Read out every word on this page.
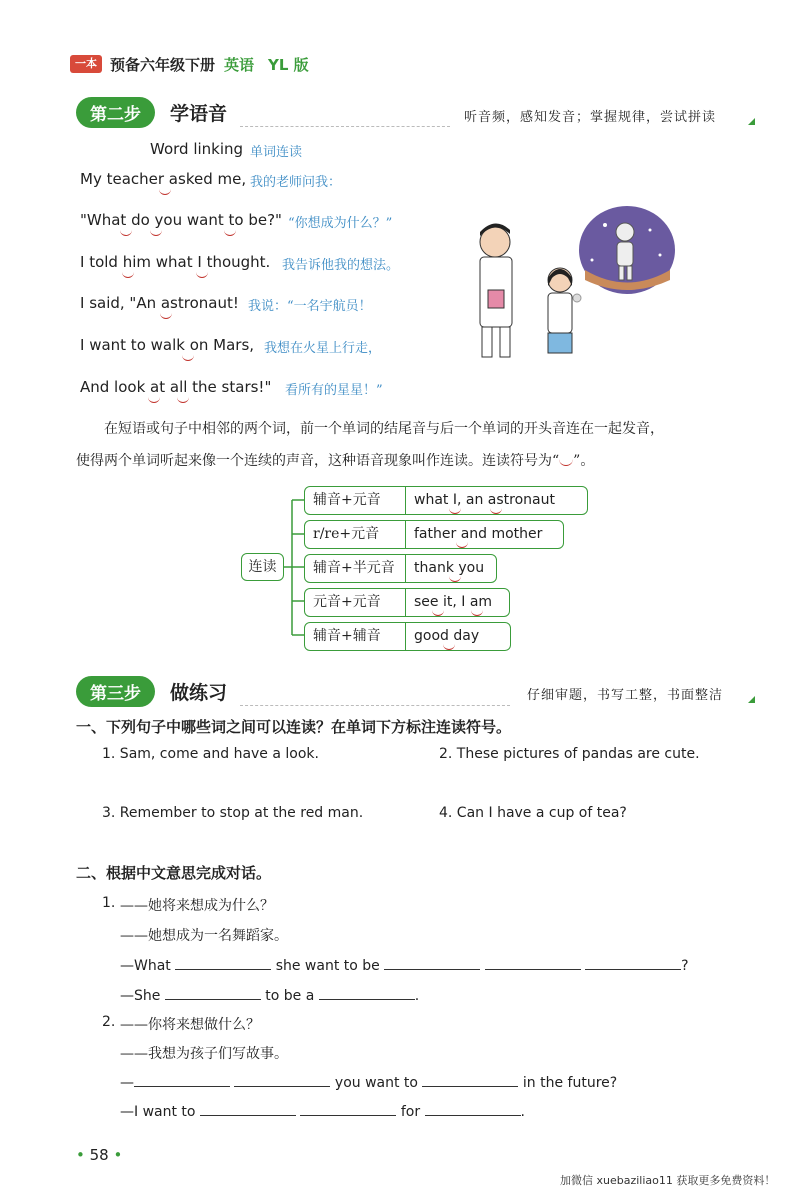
一本 预备六年级下册 英语 YL 版
第二步	学语音	听音频，感知发音；掌握规律，尝试拼读
Word linking 单词连读
My teacher asked me, 我的老师问我：
"What do you want to be?" “你想成为什么？”
I told him what I thought. 我告诉他我的想法。
I said, "An astronaut! 我说：“一名宇航员！
I want to walk on Mars, 我想在火星上行走，
And look at all the stars!" 看所有的星星！”
在短语或句子中相邻的两个词，前一个单词的结尾音与后一个单词的开头音连在一起发音，
使得两个单词听起来像一个连续的声音，这种语音现象叫作连读。连读符号为“ ”。
连读
辅音+元音 what I, an astronaut
r/re+元音 father and mother
辅音+半元音 thank you
元音+元音 see it, I am
辅音+辅音 good day
第三步	做练习	仔细审题，书写工整，书面整洁
一、下列句子中哪些词之间可以连读？在单词下方标注连读符号。
1. Sam, come and have a look.	2. These pictures of pandas are cute.
3. Remember to stop at the red man.	4. Can I have a cup of tea?
二、根据中文意思完成对话。
1. ——她将来想成为什么？
——她想成为一名舞蹈家。
—What	she want to be	?
—She	to be a	.
2. ——你将来想做什么？
——我想为孩子们写故事。
—	you want to	in the future?
—I want to	for	.
• 58 •
加微信 xuebaziliao11 获取更多免费资料！
